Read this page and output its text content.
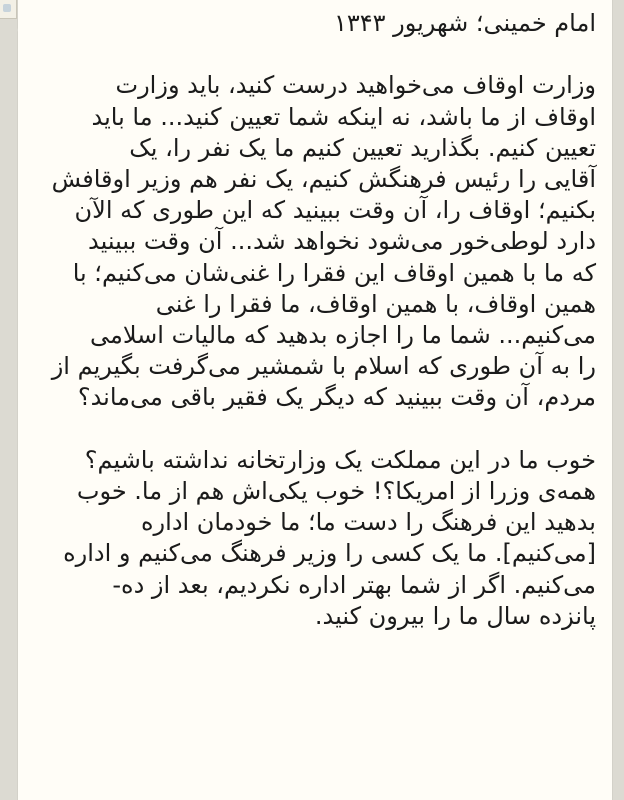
امام خمینی؛ شهریور ۱۳۴۳

وزارت اوقاف می‌خواهید درست کنید، باید وزارت
اوقاف از ما باشد، نه اینکه شما تعیین کنید... ما باید
تعیین کنیم. بگذارید تعیین کنیم ما یک نفر را، یک
آقایی را رئیس فرهنگش کنیم، یک نفر هم وزیر اوقافش
بکنیم؛ اوقاف را، آن وقت ببینید که این طوری که الآن
دارد لوطی‌خور می‌شود نخواهد شد... آن وقت ببینید
که ما با همین اوقاف این فقرا را غنی‌شان می‌کنیم؛ با
همین اوقاف، با همین اوقاف، ما فقرا را غنی
می‌کنیم... شما ما را اجازه بدهید که مالیات اسلامی
را به آن طوری که اسلام با شمشیر می‌گرفت بگیریم از
مردم، آن وقت ببینید که دیگر یک فقیر باقی می‌ماند؟

خوب ما در این مملکت یک وزارتخانه نداشته باشیم؟
همه‌ی وزرا از امریکا؟! خوب یکی‌اش هم از ما. خوب
بدهید این فرهنگ را دست ما؛ ما خودمان اداره
[می‌کنیم]. ما یک کسی را وزیر فرهنگ می‌کنیم و اداره
می‌کنیم. اگر از شما بهتر اداره نکردیم، بعد از ده-
پانزده سال ما را بیرون کنید.
